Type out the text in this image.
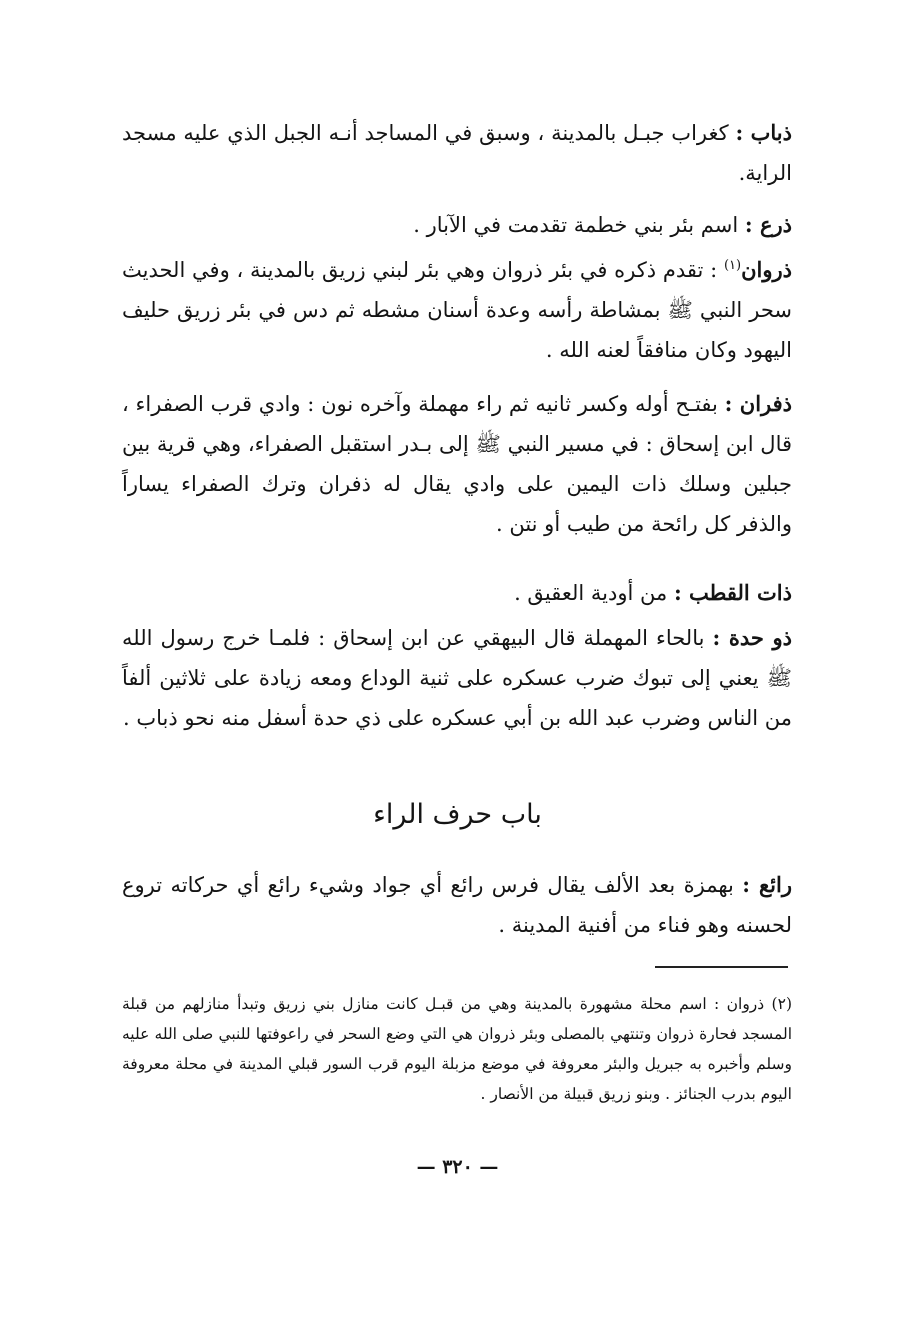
ذباب : كغراب جبـل بالمدينة ، وسبق في المساجد أنـه الجبل الذي عليه مسجد الراية.

ذرع : اسم بئر بني خطمة تقدمت في الآبار .

ذروان$^{(١)}$ : تقدم ذكره في بئر ذروان وهي بئر لبني زريق بالمدينة ، وفي الحديث سحر النبي ﷺ بمشاطة رأسه وعدة أسنان مشطه ثم دس في بئر زريق حليف اليهود وكان منافقاً لعنه الله .

ذفران : بفتـح أوله وكسر ثانيه ثم راء مهملة وآخره نون : وادي قرب الصفراء ، قال ابن إسحاق : في مسير النبي ﷺ إلى بـدر استقبل الصفراء، وهي قرية بين جبلين وسلك ذات اليمين على وادي يقال له ذفران وترك الصفراء يساراً والذفر كل رائحة من طيب أو نتن .

ذات القطب : من أودية العقيق .

ذو حدة : بالحاء المهملة قال البيهقي عن ابن إسحاق : فلمـا خرج رسول الله ﷺ يعني إلى تبوك ضرب عسكره على ثنية الوداع ومعه زيادة على ثلاثين ألفاً من الناس وضرب عبد الله بن أبي عسكره على ذي حدة أسفل منه نحو ذباب .

باب حرف الراء

رائع : بهمزة بعد الألف يقال فرس رائع أي جواد وشيء رائع أي حركاته تروع لحسنه وهو فناء من أفنية المدينة .

(٢) ذروان : اسم محلة مشهورة بالمدينة وهي من قبـل كانت منازل بني زريق وتبدأ منازلهم من قبلة المسجد فحارة ذروان وتنتهي بالمصلى وبئر ذروان هي التي وضع السحر في راعوفتها للنبي صلى الله عليه وسلم وأخبره به جبريل والبئر معروفة في موضع مزبلة اليوم قرب السور قبلي المدينة في محلة معروفة اليوم بدرب الجنائز . وبنو زريق قبيلة من الأنصار .

— ٣٢٠ —
